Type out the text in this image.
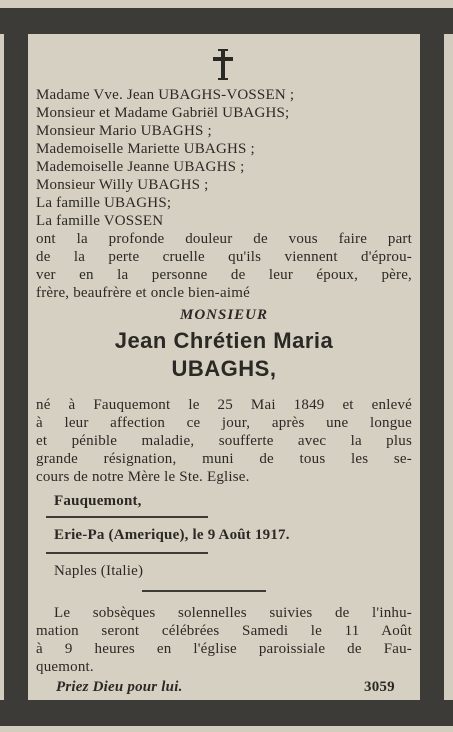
Madame Vve. Jean UBAGHS-VOSSEN ;
Monsieur et Madame Gabriël UBAGHS;
Monsieur Mario UBAGHS ;
Mademoiselle Mariette UBAGHS ;
Mademoiselle Jeanne UBAGHS ;
Monsieur Willy UBAGHS ;
La famille UBAGHS;
La famille VOSSEN
ont la profonde douleur de vous faire part
de la perte cruelle qu'ils viennent d'éprou-
ver en la personne de leur époux, père,
frère, beaufrère et oncle bien-aimé
MONSIEUR
Jean Chrétien Maria
UBAGHS,
né à Fauquemont le 25 Mai 1849 et enlevé
à leur affection ce jour, après une longue
et pénible maladie, soufferte avec la plus
grande résignation, muni de tous les se-
cours de notre Mère le Ste. Eglise.
Fauquemont,
Erie-Pa (Amerique), le 9 Août 1917.
Naples (Italie)
Le sobsèques solennelles suivies de l'inhu-
mation seront célébrées Samedi le 11 Août
à 9 heures en l'église paroissiale de Fau-
quemont.
Priez Dieu pour lui.	3059
